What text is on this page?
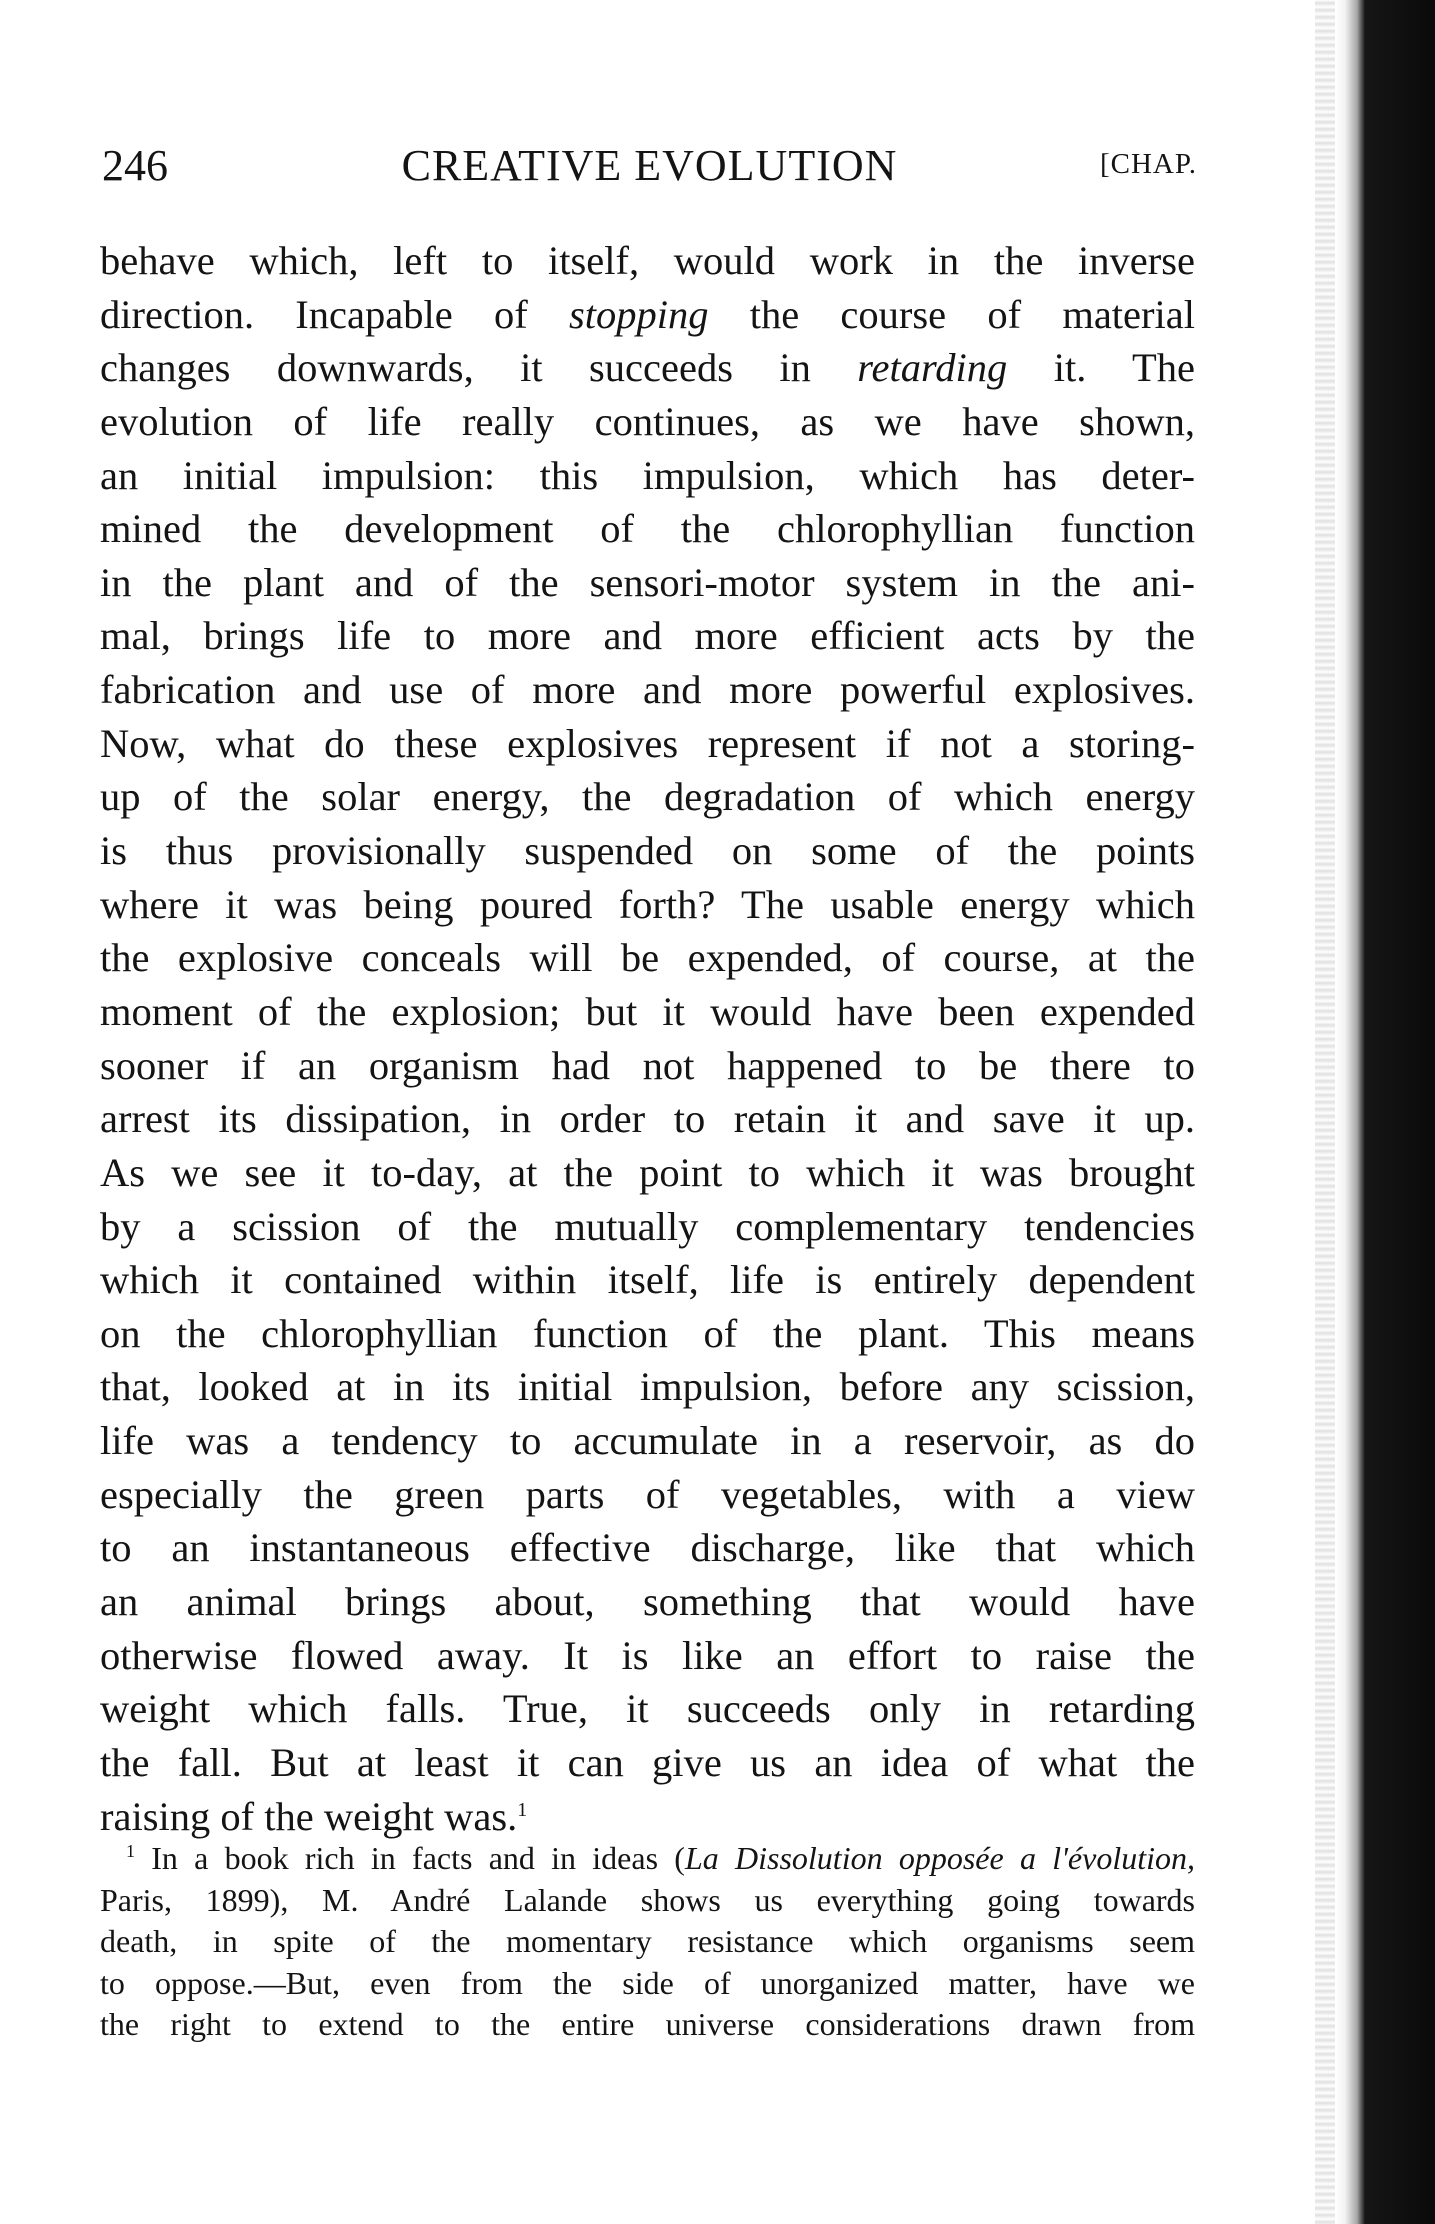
246	CREATIVE EVOLUTION	[CHAP.
behave which, left to itself, would work in the inverse
direction. Incapable of stopping the course of material
changes downwards, it succeeds in retarding it. The
evolution of life really continues, as we have shown,
an initial impulsion: this impulsion, which has deter-
mined the development of the chlorophyllian function
in the plant and of the sensori-motor system in the ani-
mal, brings life to more and more efficient acts by the
fabrication and use of more and more powerful explosives.
Now, what do these explosives represent if not a storing-
up of the solar energy, the degradation of which energy
is thus provisionally suspended on some of the points
where it was being poured forth? The usable energy which
the explosive conceals will be expended, of course, at the
moment of the explosion; but it would have been expended
sooner if an organism had not happened to be there to
arrest its dissipation, in order to retain it and save it up.
As we see it to-day, at the point to which it was brought
by a scission of the mutually complementary tendencies
which it contained within itself, life is entirely dependent
on the chlorophyllian function of the plant. This means
that, looked at in its initial impulsion, before any scission,
life was a tendency to accumulate in a reservoir, as do
especially the green parts of vegetables, with a view
to an instantaneous effective discharge, like that which
an animal brings about, something that would have
otherwise flowed away. It is like an effort to raise the
weight which falls. True, it succeeds only in retarding
the fall. But at least it can give us an idea of what the
raising of the weight was.$^1$
$^1$ In a book rich in facts and in ideas (La Dissolution opposée a l'évolution,
Paris, 1899), M. André Lalande shows us everything going towards
death, in spite of the momentary resistance which organisms seem
to oppose.—But, even from the side of unorganized matter, have we
the right to extend to the entire universe considerations drawn from
